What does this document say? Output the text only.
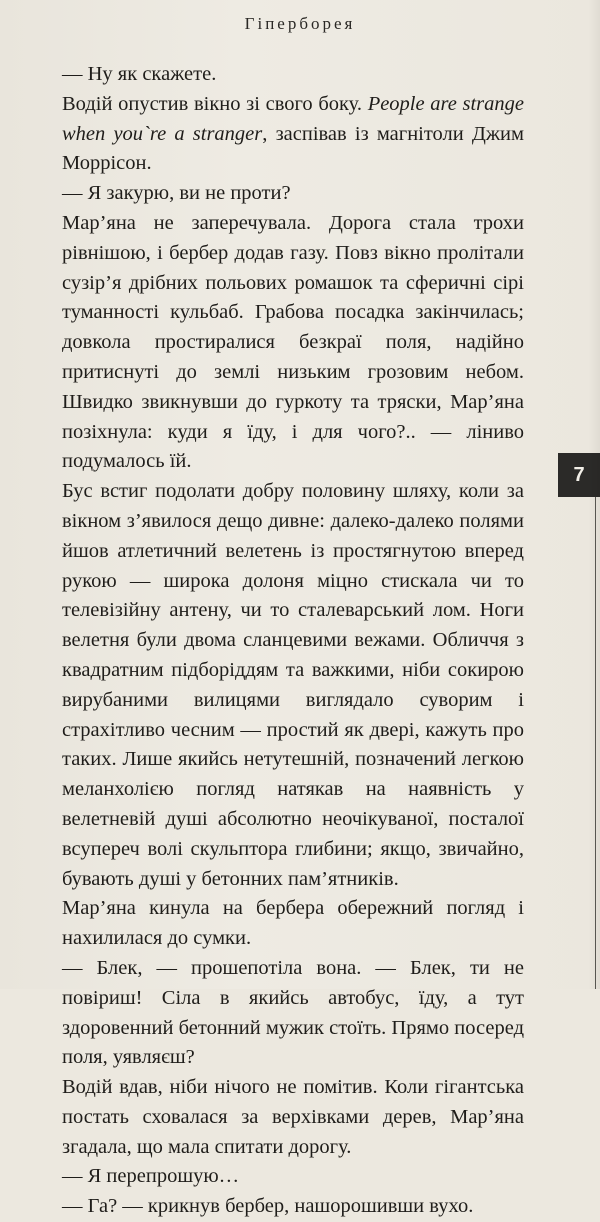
Гіперборея

— Ну як скажете.

Водій опустив вікно зі свого боку. People are strange when you`re a stranger, заспівав із магнітоли Джим Моррісон.

— Я закурю, ви не проти?

Мар’яна не заперечувала. Дорога стала трохи рівнішою, і бербер додав газу. Повз вікно пролітали сузір’я дрібних польових ромашок та сферичні сірі туманності кульбаб. Грабова посадка закінчилась; довкола простиралися безкраї поля, надійно притиснуті до землі низьким грозовим небом. Швидко звикнувши до гуркоту та тряски, Мар’яна позіхнула: куди я їду, і для чого?.. — ліниво подумалось їй.

Бус встиг подолати добру половину шляху, коли за вікном з’явилося дещо дивне: далеко-далеко полями йшов атлетичний велетень із простягнутою вперед рукою — широка долоня міцно стискала чи то телевізійну антену, чи то сталеварський лом. Ноги велетня були двома сланцевими вежами. Обличчя з квадратним підборіддям та важкими, ніби сокирою вирубаними вилицями виглядало суворим і страхітливо чесним — простий як двері, кажуть про таких. Лише якийсь нетутешній, позначений легкою меланхолією погляд натякав на наявність у велетневій душі абсолютно неочікуваної, посталої всупереч волі скульптора глибини; якщо, звичайно, бувають душі у бетонних пам’ятників.

Мар’яна кинула на бербера обережний погляд і нахилилася до сумки.

— Блек, — прошепотіла вона. — Блек, ти не повіриш! Сіла в якийсь автобус, їду, а тут здоровенний бетонний мужик стоїть. Прямо посеред поля, уявляєш?

Водій вдав, ніби нічого не помітив. Коли гігантська постать сховалася за верхівками дерев, Мар’яна згадала, що мала спитати дорогу.

— Я перепрошую…

— Га? — крикнув бербер, нашорошивши вухо.

7
